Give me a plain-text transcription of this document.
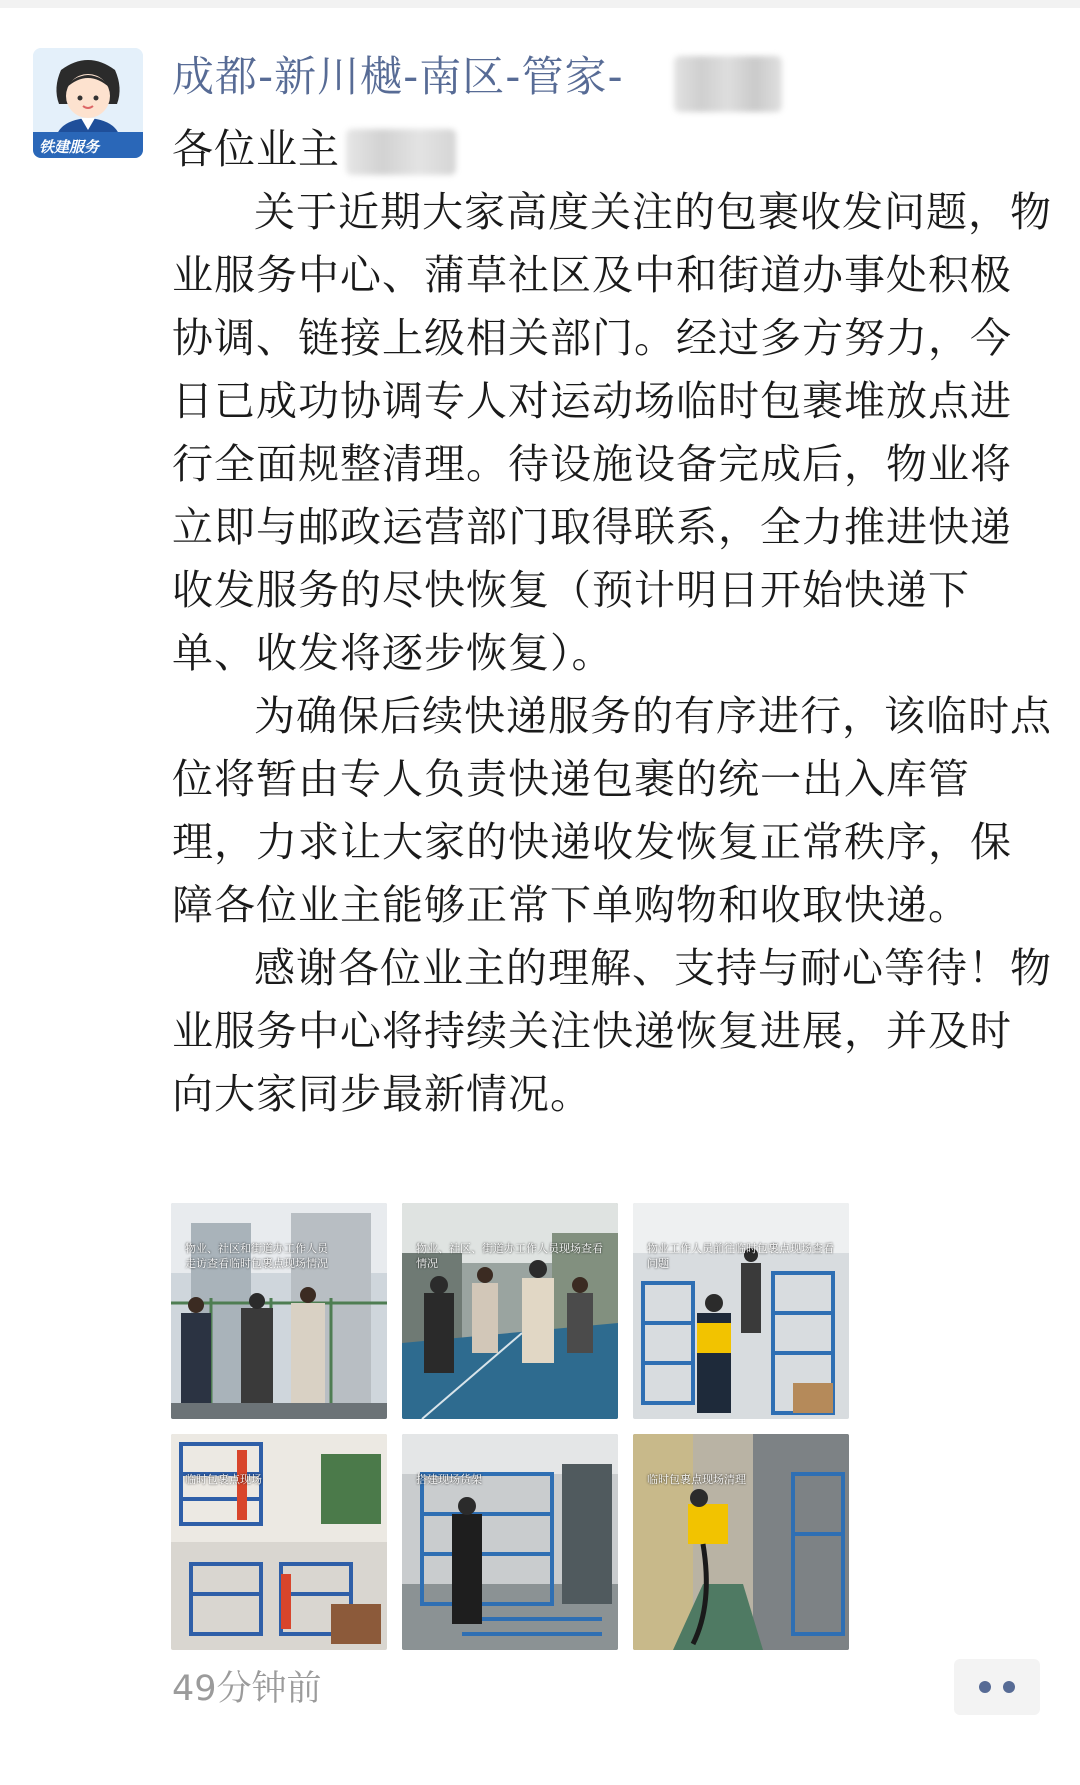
铁建服务
成都-新川樾-南区-管家-

各位业主

关于近期大家高度关注的包裹收发问题，物业服务中心、蒲草社区及中和街道办事处积极协调、链接上级相关部门。经过多方努力，今日已成功协调专人对运动场临时包裹堆放点进行全面规整清理。待设施设备完成后，物业将立即与邮政运营部门取得联系，全力推进快递收发服务的尽快恢复（预计明日开始快递下单、收发将逐步恢复）。

为确保后续快递服务的有序进行，该临时点位将暂由专人负责快递包裹的统一出入库管理，力求让大家的快递收发恢复正常秩序，保障各位业主能够正常下单购物和收取快递。

感谢各位业主的理解、支持与耐心等待！物业服务中心将持续关注快递恢复进展，并及时向大家同步最新情况。

物业、社区和街道办工作人员
走访查看临时包裹点现场情况
物业、社区、街道办工作人员现场查看情况
物业工作人员前往临时包裹点现场查看问题
临时包裹点现场	搭建现场货架	临时包裹点现场清理
49分钟前
